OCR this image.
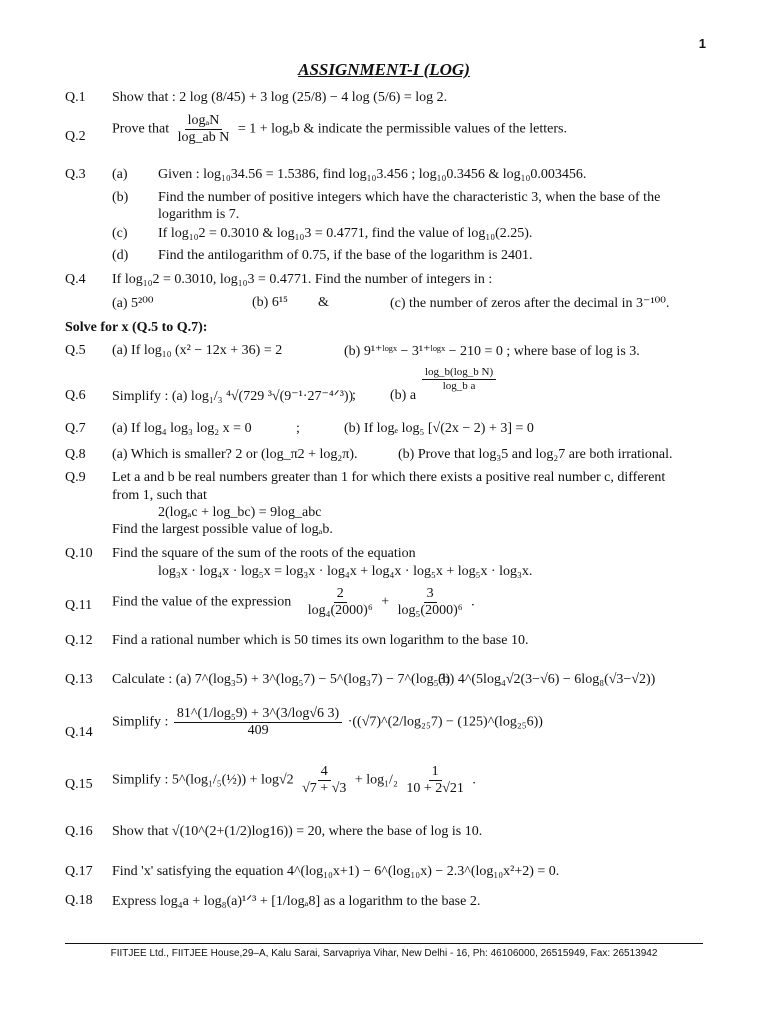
1
ASSIGNMENT-I (LOG)
Q.1 Show that : 2 log (8/45) + 3 log (25/8) − 4 log (5/6) = log 2.
Q.2 Prove that $\frac{\text{logₐN}}{\text{log\_ab N}} = 1 + \log_ab$ & indicate the permissible values of the letters.
Q.3 (a) Given : log₁₀34.56 = 1.5386, find log₁₀3.456 ; log₁₀0.3456 & log₁₀0.003456.
(b) Find the number of positive integers which have the characteristic 3, when the base of the
logarithm is 7.
(c) If log₁₀2 = 0.3010 & log₁₀3 = 0.4771, find the value of log₁₀(2.25).
(d) Find the antilogarithm of 0.75, if the base of the logarithm is 2401.
Q.4 If log₁₀2 = 0.3010, log₁₀3 = 0.4771. Find the number of integers in :
(a) 5²⁰⁰	(b) 6¹⁵ &	(c) the number of zeros after the decimal in 3⁻¹⁰⁰.
Solve for x (Q.5 to Q.7):
Q.5 (a) If log₁₀ (x² − 12x + 36) = 2	(b) 9¹⁺ˡᵒᵍˣ − 3¹⁺ˡᵒᵍˣ − 210 = 0 ; where base of log is 3.
Q.6 Simplify : (a) log₁/₃ ⁴√(729 ³√(9⁻¹·27⁻⁴ᐟ³))
; (b) a
$\frac{\text{log\_b(log\_b N)}}{\text{log\_b a}}$
Q.7 (a) If log₄ log₃ log₂ x = 0	;	(b) If logₑ log₅ [√(2x − 2) + 3] = 0
Q.8 (a) Which is smaller? 2 or (log_π2 + log₂π).	(b) Prove that log₃5 and log₂7 are both irrational.
Q.9 Let a and b be real numbers greater than 1 for which there exists a positive real number c, different
from 1, such that
2(logₐc + log_bc) = 9log_abc
Find the largest possible value of logₐb.
Q.10 Find the square of the sum of the roots of the equation
log₃x · log₄x · log₅x = log₃x · log₄x + log₄x · log₅x + log₅x · log₃x.
Q.11 Find the value of the expression $\frac{2}{\text{log₄(2000)⁶}} + \frac{3}{\text{log₅(2000)⁶}}$ .
Q.12 Find a rational number which is 50 times its own logarithm to the base 10.
Q.13 Calculate : (a) 7^(log₃5) + 3^(log₅7) − 5^(log₃7) − 7^(log₅3)
(b) 4^(5log₄√2(3−√6) − 6log₈(√3−√2))
Q.14
Simplify : $\frac{\text{81\textasciicircum{}(1/log₅9) + 3\textasciicircum{}(3/log√6 3)}}{409}$ ·((√7)^(2/log₂₅7) − (125)^(log₂₅6))
Q.15 Simplify : 5^(log₁/₅(½)) + $\log√2 \frac{4}{√7 + √3} + \log_1/_2 \frac{1}{10 + 2√21}$ .
Q.16 Show that √(10^(2+(1/2)log16)) = 20, where the base of log is 10.
Q.17 Find 'x' satisfying the equation 4^(log₁₀x+1) − 6^(log₁₀x) − 2.3^(log₁₀x²+2) = 0.
Q.18 Express log₄a + log₈(a)¹ᐟ³ + [1/logₐ8] as a logarithm to the base 2.
FIITJEE Ltd., FIITJEE House,29–A, Kalu Sarai, Sarvapriya Vihar, New Delhi - 16, Ph: 46106000, 26515949, Fax: 26513942
